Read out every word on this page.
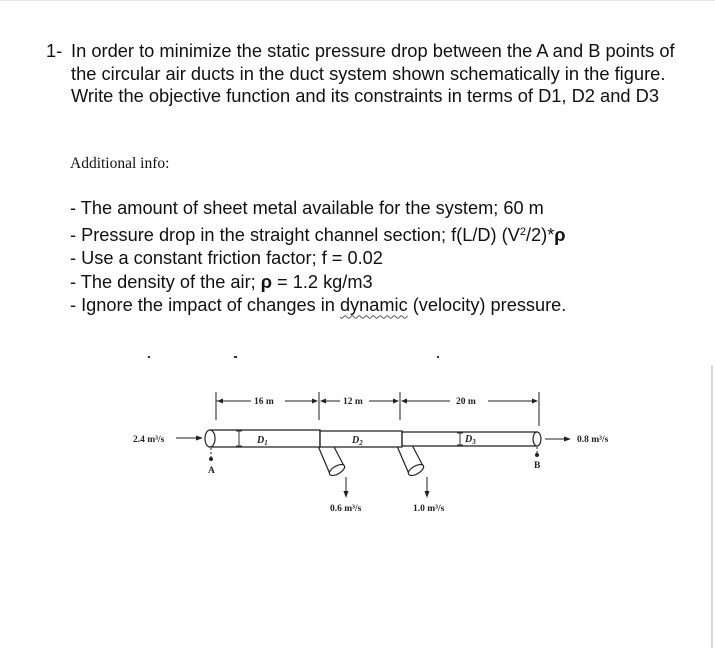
1- In order to minimize the static pressure drop between the A and B points of the circular air ducts in the duct system shown schematically in the figure. Write the objective function and its constraints in terms of D1, D2 and D3
Additional info:
- The amount of sheet metal available for the system; 60 m
- Pressure drop in the straight channel section; f(L/D) $(V^2/2)*\rho$
- Use a constant friction factor; f = 0.02
- The density of the air; ρ = 1.2 kg/m3
- Ignore the impact of changes in dynamic (velocity) pressure.
16 m	12 m	20 m
$D_1$	$D_2$	$D_3$
2.4 m³/s	0.8 m³/s
0.6 m³/s	1.0 m³/s
A	B
